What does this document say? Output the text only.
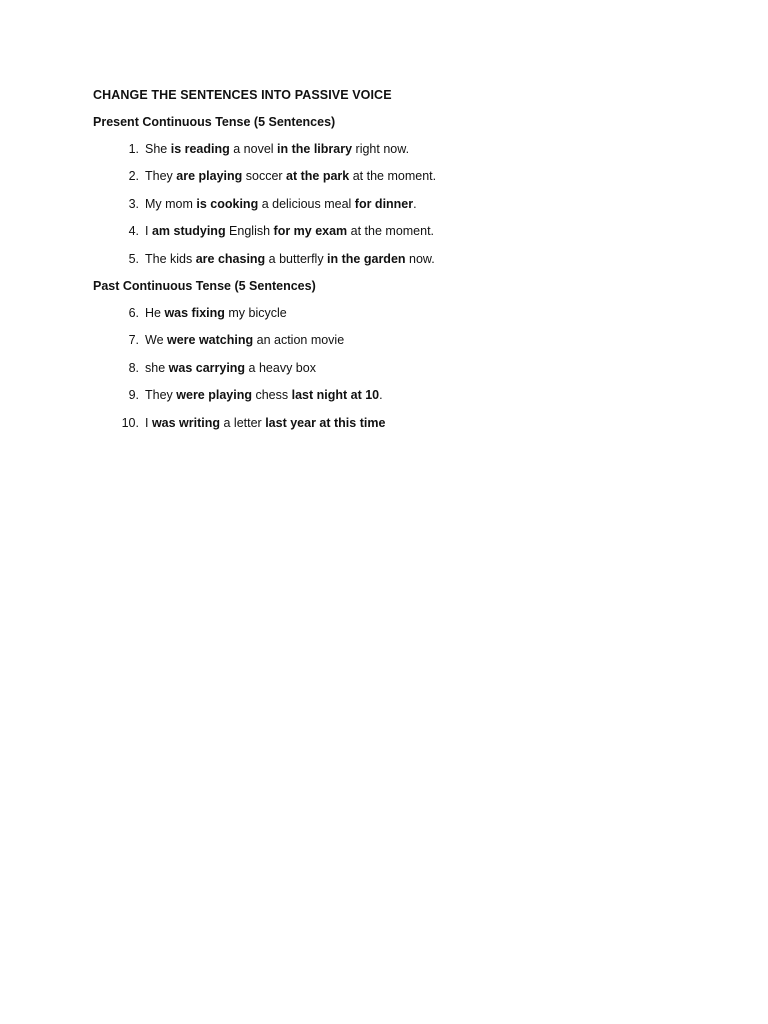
CHANGE THE SENTENCES INTO PASSIVE VOICE
Present Continuous Tense (5 Sentences)
1. She is reading a novel in the library right now.
2. They are playing soccer at the park at the moment.
3. My mom is cooking a delicious meal for dinner.
4. I am studying English for my exam at the moment.
5. The kids are chasing a butterfly in the garden now.
Past Continuous Tense (5 Sentences)
6. He was fixing my bicycle
7. We were watching an action movie
8. she was carrying a heavy box
9. They were playing chess last night at 10.
10. I was writing a letter last year at this time
